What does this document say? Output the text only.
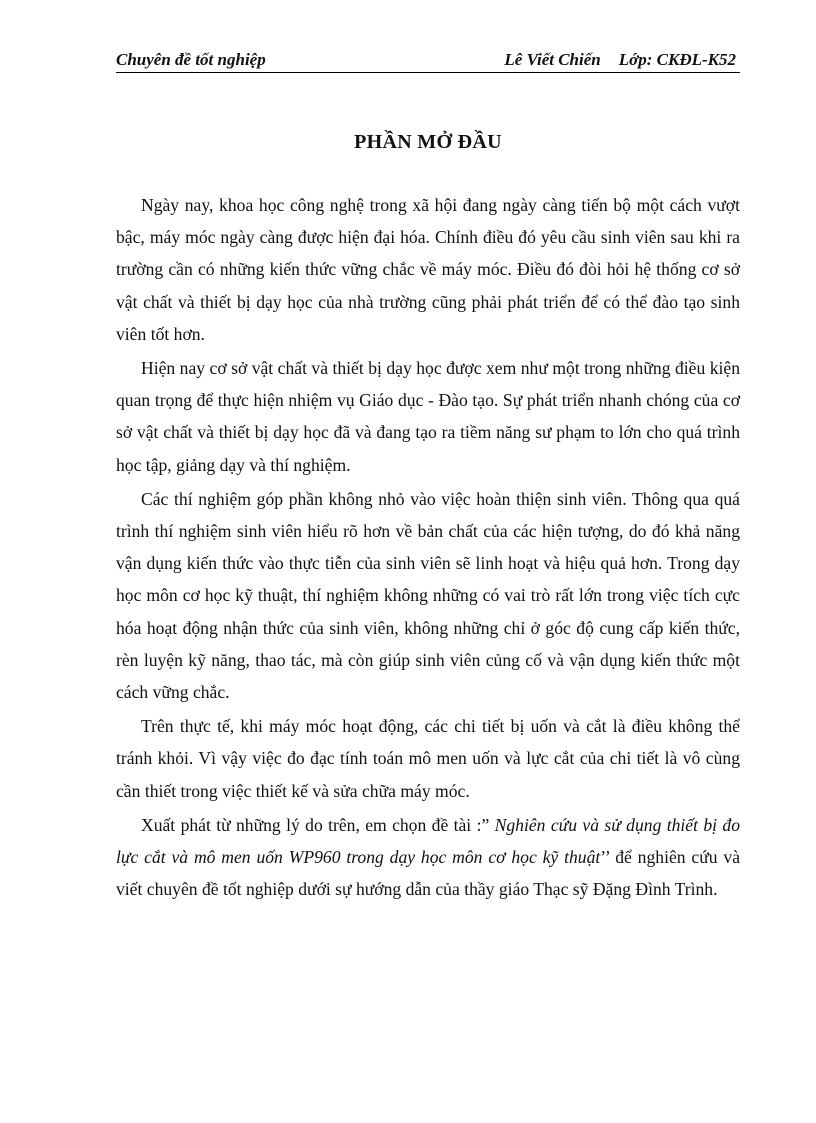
Chuyên đề tốt nghiệp	Lê Viết Chiến Lớp: CKĐL-K52
PHẦN MỞ ĐẦU

Ngày nay, khoa học công nghệ trong xã hội đang ngày càng tiến bộ một cách vượt bậc, máy móc ngày càng được hiện đại hóa. Chính điều đó yêu cầu sinh viên sau khi ra trường cần có những kiến thức vững chắc về máy móc. Điều đó đòi hỏi hệ thống cơ sở vật chất và thiết bị dạy học của nhà trường cũng phải phát triển để có thể đào tạo sinh viên tốt hơn.

Hiện nay cơ sở vật chất và thiết bị dạy học được xem như một trong những điều kiện quan trọng để thực hiện nhiệm vụ Giáo dục - Đào tạo. Sự phát triển nhanh chóng của cơ sở vật chất và thiết bị dạy học đã và đang tạo ra tiềm năng sư phạm to lớn cho quá trình học tập, giảng dạy và thí nghiệm.

Các thí nghiệm góp phần không nhỏ vào việc hoàn thiện sinh viên. Thông qua quá trình thí nghiệm sinh viên hiểu rõ hơn về bản chất của các hiện tượng, do đó khả năng vận dụng kiến thức vào thực tiễn của sinh viên sẽ linh hoạt và hiệu quả hơn. Trong dạy học môn cơ học kỹ thuật, thí nghiệm không những có vai trò rất lớn trong việc tích cực hóa hoạt động nhận thức của sinh viên, không những chỉ ở góc độ cung cấp kiến thức, rèn luyện kỹ năng, thao tác, mà còn giúp sinh viên củng cố và vận dụng kiến thức một cách vững chắc.

Trên thực tế, khi máy móc hoạt động, các chi tiết bị uốn và cắt là điều không thể tránh khỏi. Vì vậy việc đo đạc tính toán mô men uốn và lực cắt của chi tiết là vô cùng cần thiết trong việc thiết kế và sửa chữa máy móc.

Xuất phát từ những lý do trên, em chọn đề tài :” Nghiên cứu và sử dụng thiết bị đo lực cắt và mô men uốn WP960 trong dạy học môn cơ học kỹ thuật’’ để nghiên cứu và viết chuyên đề tốt nghiệp dưới sự hướng dẫn của thầy giáo Thạc sỹ Đặng Đình Trình.
